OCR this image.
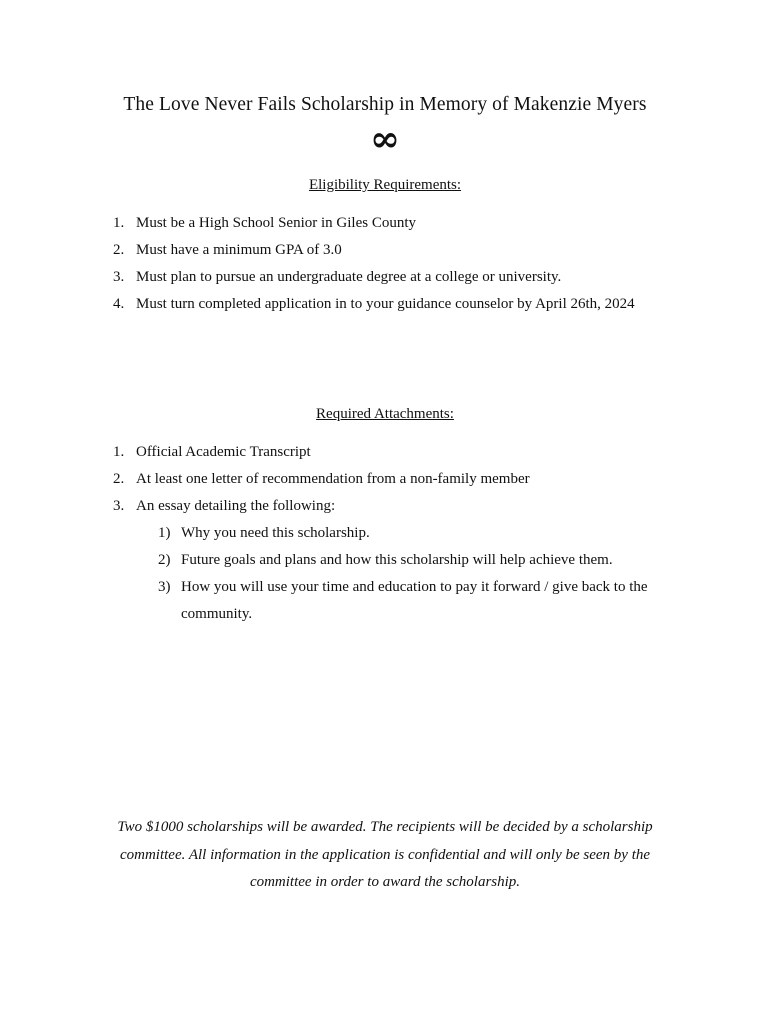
The Love Never Fails Scholarship in Memory of Makenzie Myers
∞
Eligibility Requirements:
1. Must be a High School Senior in Giles County
2. Must have a minimum GPA of 3.0
3. Must plan to pursue an undergraduate degree at a college or university.
4. Must turn completed application in to your guidance counselor by April 26th, 2024
Required Attachments:
1. Official Academic Transcript
2. At least one letter of recommendation from a non-family member
3. An essay detailing the following:
1) Why you need this scholarship.
2) Future goals and plans and how this scholarship will help achieve them.
3) How you will use your time and education to pay it forward / give back to the
community.
Two $1000 scholarships will be awarded. The recipients will be decided by a scholarship committee. All information in the application is confidential and will only be seen by the committee in order to award the scholarship.
